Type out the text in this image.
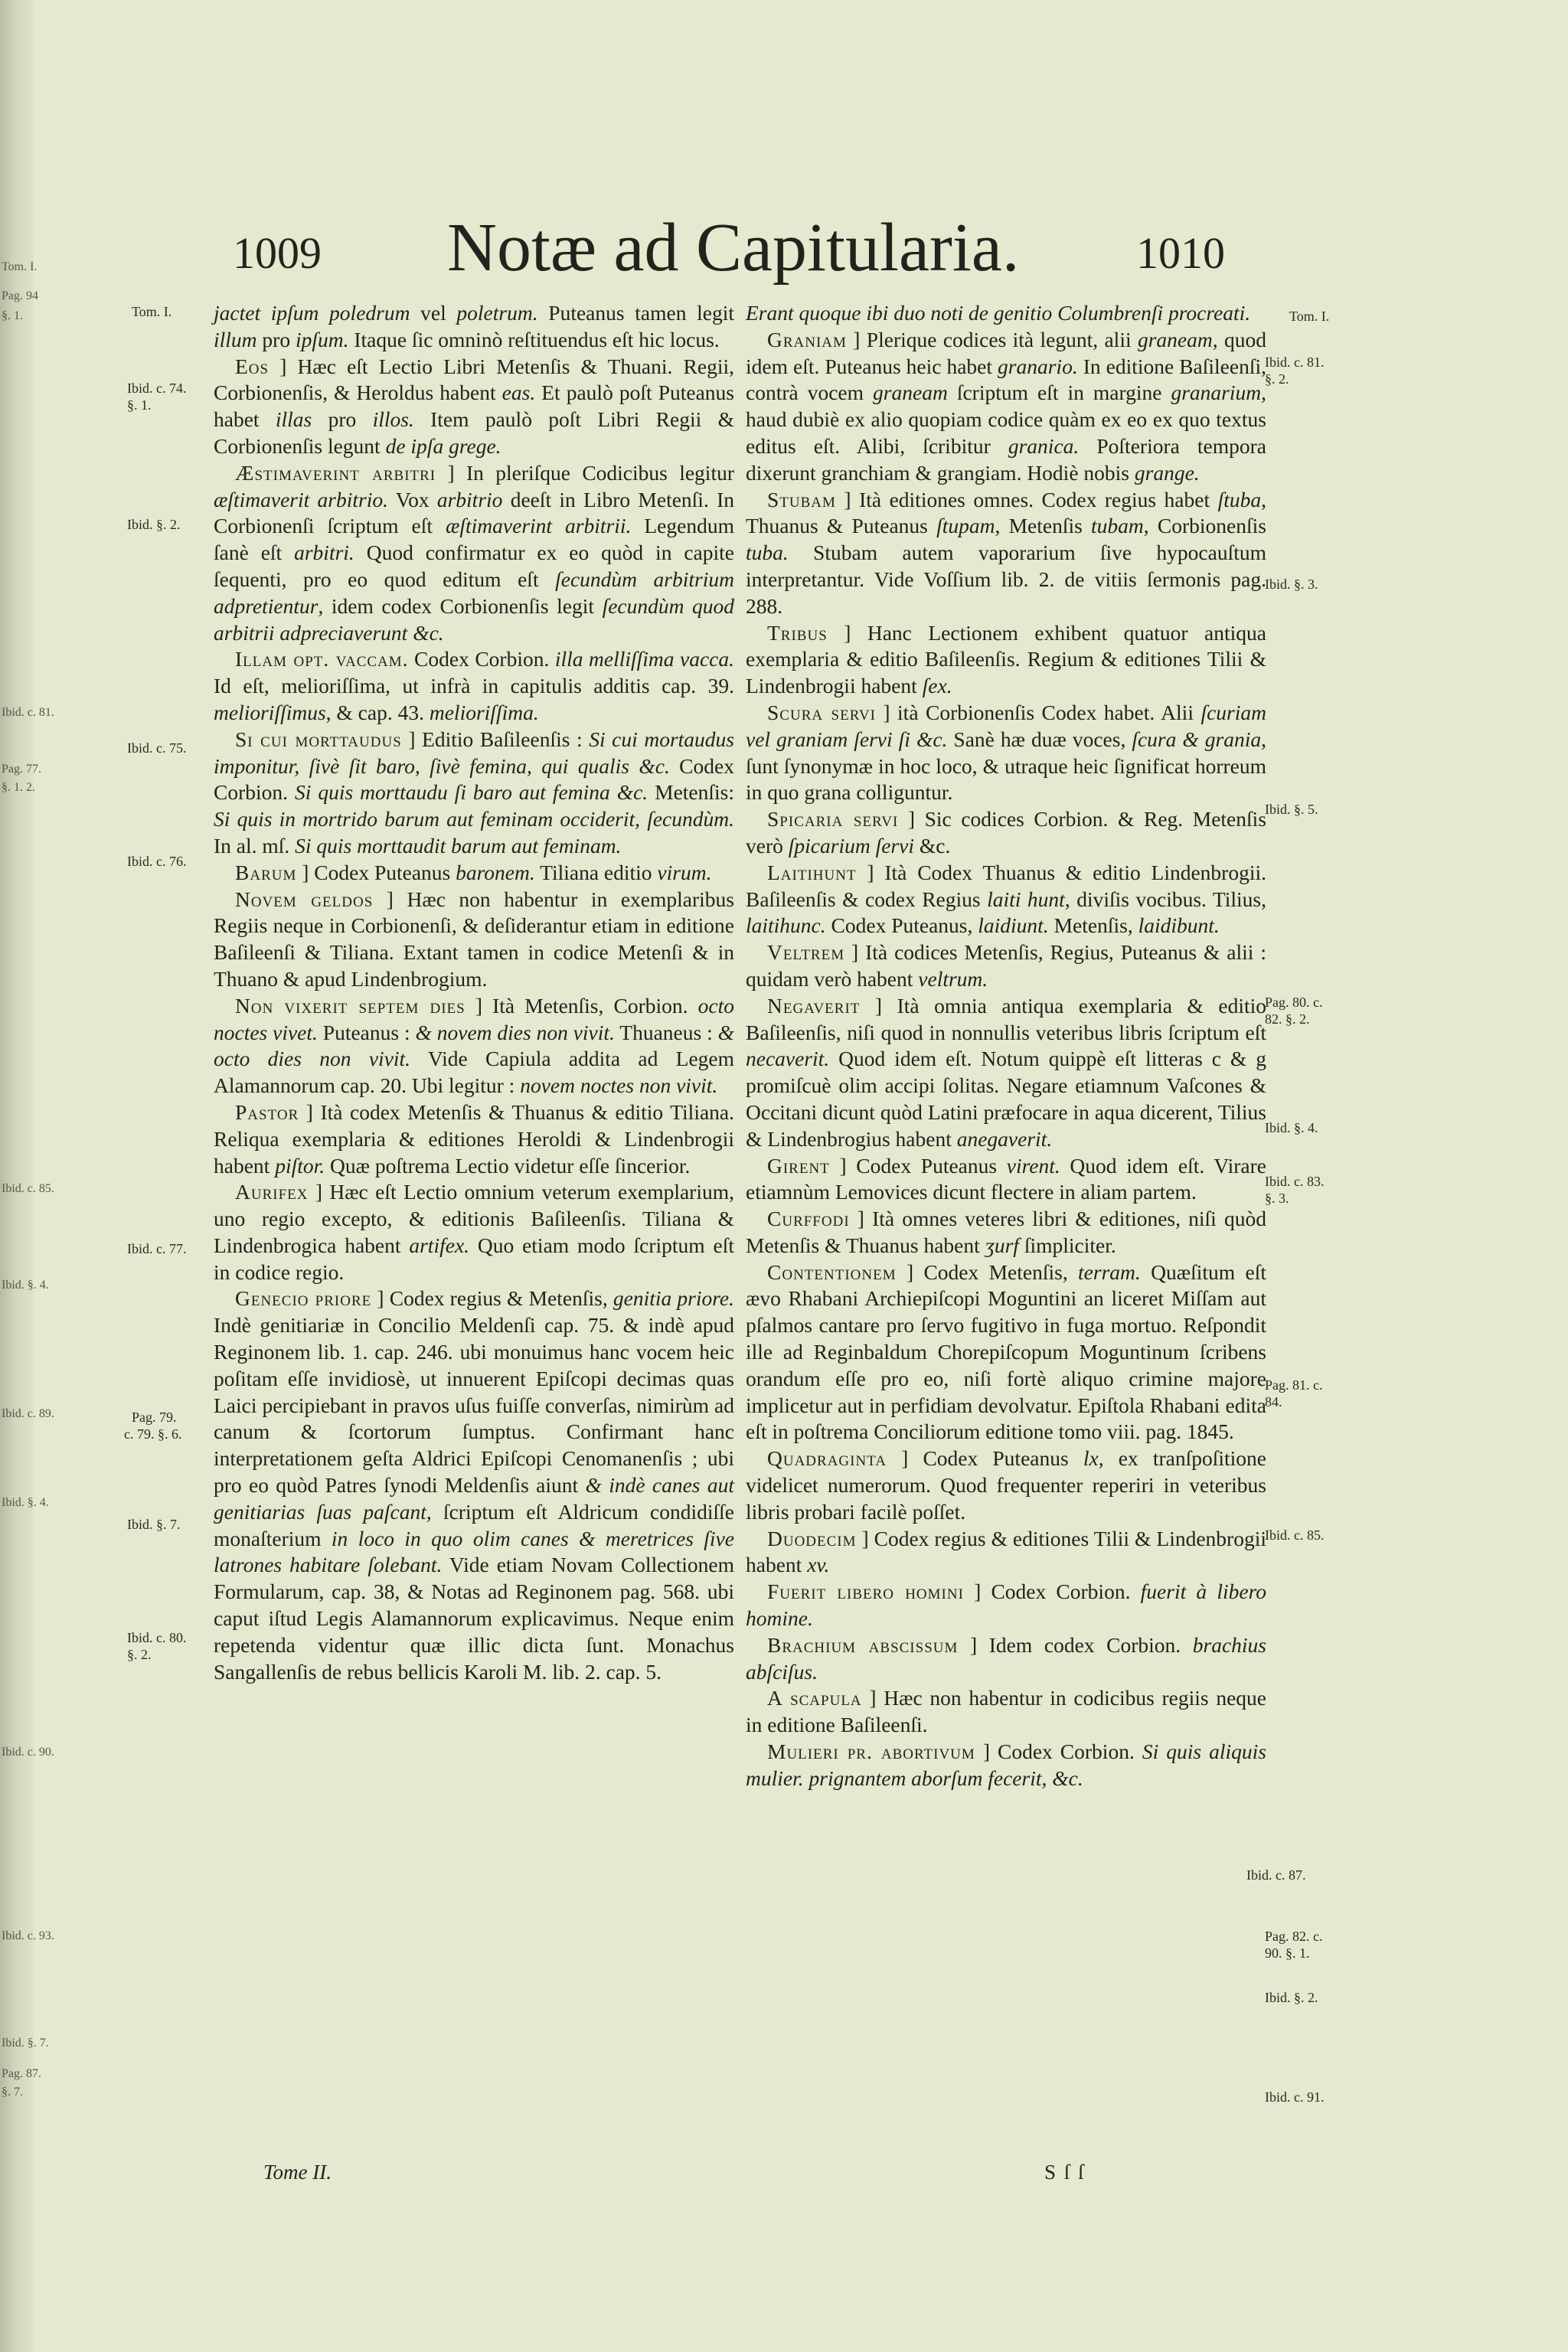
Tom. I.
Pag. 94
§. 1.
Ibid. c. 81.
Pag. 77.
§. 1. 2.
Ibid. c. 85.
Ibid. §. 4.
Ibid. c. 89.
Ibid. §. 4.
Ibid. c. 90.
Ibid. c. 93.
Ibid. §. 7.
Pag. 87.
§. 7.
1009 Notæ ad Capitularia.	1010
Tom. I.
Ibid. c. 74.
§. 1.
Ibid. §. 2.
Ibid. c. 75.
Ibid. c. 76.
Ibid. c. 77.
Pag. 79.
c. 79. §. 6.
Ibid. §. 7.
Ibid. c. 80.
§. 2.
Tom. I.
Ibid. c. 81.
§. 2.
Ibid. §. 3.
Ibid. §. 5.
Pag. 80. c.
82. §. 2.
Ibid. §. 4.
Ibid. c. 83.
§. 3.
Pag. 81. c.
84.
Ibid. c. 85.
Ibid. c. 87.
Pag. 82. c.
90. §. 1.
Ibid. §. 2.
Ibid. c. 91.

jactet ipſum poledrum vel poletrum. Puteanus tamen legit illum pro ipſum. Itaque ſic omninò reſtituendus eſt hic locus.

Eos ] Hæc eſt Lectio Libri Metenſis & Thuani. Regii, Corbionenſis, & Heroldus habent eas. Et paulò poſt Puteanus habet illas pro illos. Item paulò poſt Libri Regii & Corbionenſis legunt de ipſa grege.

Æstimaverint arbitri ] In pleriſque Codicibus legitur æſtimaverit arbitrio. Vox arbitrio deeſt in Libro Metenſi. In Corbionenſi ſcriptum eſt æſtimaverint arbitrii. Legendum ſanè eſt arbitri. Quod confirmatur ex eo quòd in capite ſequenti, pro eo quod editum eſt ſecundùm arbitrium adpretientur, idem codex Corbionenſis legit ſecundùm quod arbitrii adpreciaverunt &c.

Illam opt. vaccam. Codex Corbion. illa melliſſima vacca. Id eſt, melioriſſima, ut infrà in capitulis additis cap. 39. melioriſſimus, & cap. 43. melioriſſima.

Si cui morttaudus ] Editio Baſileenſis : Si cui mortaudus imponitur, ſivè ſit baro, ſivè femina, qui qualis &c. Codex Corbion. Si quis morttaudu ſi baro aut femina &c. Metenſis: Si quis in mortrido barum aut feminam occiderit, ſecundùm. In al. mſ. Si quis morttaudit barum aut feminam.

Barum ] Codex Puteanus baronem. Tiliana editio virum.

Novem geldos ] Hæc non habentur in exemplaribus Regiis neque in Corbionenſi, & deſiderantur etiam in editione Baſileenſi & Tiliana. Extant tamen in codice Metenſi & in Thuano & apud Lindenbrogium.

Non vixerit septem dies ] Ità Metenſis, Corbion. octo noctes vivet. Puteanus : & novem dies non vivit. Thuaneus : & octo dies non vivit. Vide Capiula addita ad Legem Alamannorum cap. 20. Ubi legitur : novem noctes non vivit.

Pastor ] Ità codex Metenſis & Thuanus & editio Tiliana. Reliqua exemplaria & editiones Heroldi & Lindenbrogii habent piſtor. Quæ poſtrema Lectio videtur eſſe ſincerior.

Aurifex ] Hæc eſt Lectio omnium veterum exemplarium, uno regio excepto, & editionis Baſileenſis. Tiliana & Lindenbrogica habent artifex. Quo etiam modo ſcriptum eſt in codice regio.

Genecio priore ] Codex regius & Metenſis, genitia priore. Indè genitiariæ in Concilio Meldenſi cap. 75. & indè apud Reginonem lib. 1. cap. 246. ubi monuimus hanc vocem heic poſitam eſſe invidiosè, ut innuerent Epiſcopi decimas quas Laici percipiebant in pravos uſus fuiſſe converſas, nimirùm ad canum & ſcortorum ſumptus. Confirmant hanc interpretationem geſta Aldrici Epiſcopi Cenomanenſis ; ubi pro eo quòd Patres ſynodi Meldenſis aiunt & indè canes aut genitiarias ſuas paſcant, ſcriptum eſt Aldricum condidiſſe monaſterium in loco in quo olim canes & meretrices ſive latrones habitare ſolebant. Vide etiam Novam Collectionem Formularum, cap. 38, & Notas ad Reginonem pag. 568. ubi caput iſtud Legis Alamannorum explicavimus. Neque enim repetenda videntur quæ illic dicta ſunt. Monachus Sangallenſis de rebus bellicis Karoli M. lib. 2. cap. 5.

Erant quoque ibi duo noti de genitio Columbrenſi procreati.

Graniam ] Plerique codices ità legunt, alii graneam, quod idem eſt. Puteanus heic habet granario. In editione Baſileenſi, contrà vocem graneam ſcriptum eſt in margine granarium, haud dubiè ex alio quopiam codice quàm ex eo ex quo textus editus eſt. Alibi, ſcribitur granica. Poſteriora tempora dixerunt granchiam & grangiam. Hodiè nobis grange.

Stubam ] Ità editiones omnes. Codex regius habet ſtuba, Thuanus & Puteanus ſtupam, Metenſis tubam, Corbionenſis tuba. Stubam autem vaporarium ſive hypocauſtum interpretantur. Vide Voſſium lib. 2. de vitiis ſermonis pag. 288.

Tribus ] Hanc Lectionem exhibent quatuor antiqua exemplaria & editio Baſileenſis. Regium & editiones Tilii & Lindenbrogii habent ſex.

Scura servi ] ità Corbionenſis Codex habet. Alii ſcuriam vel graniam ſervi ſi &c. Sanè hæ duæ voces, ſcura & grania, ſunt ſynonymæ in hoc loco, & utraque heic ſignificat horreum in quo grana colliguntur.

Spicaria servi ] Sic codices Corbion. & Reg. Metenſis verò ſpicarium ſervi &c.

Laitihunt ] Ità Codex Thuanus & editio Lindenbrogii. Baſileenſis & codex Regius laiti hunt, diviſis vocibus. Tilius, laitihunc. Codex Puteanus, laidiunt. Metenſis, laidibunt.

Veltrem ] Ità codices Metenſis, Regius, Puteanus & alii : quidam verò habent veltrum.

Negaverit ] Ità omnia antiqua exemplaria & editio Baſileenſis, niſi quod in nonnullis veteribus libris ſcriptum eſt necaverit. Quod idem eſt. Notum quippè eſt litteras c & g promiſcuè olim accipi ſolitas. Negare etiamnum Vaſcones & Occitani dicunt quòd Latini præfocare in aqua dicerent, Tilius & Lindenbrogius habent anegaverit.

Girent ] Codex Puteanus virent. Quod idem eſt. Virare etiamnùm Lemovices dicunt flectere in aliam partem.

Curffodi ] Ità omnes veteres libri & editiones, niſi quòd Metenſis & Thuanus habent ʒurf ſimpliciter.

Contentionem ] Codex Metenſis, terram. Quæſitum eſt ævo Rhabani Archiepiſcopi Moguntini an liceret Miſſam aut pſalmos cantare pro ſervo fugitivo in fuga mortuo. Reſpondit ille ad Reginbaldum Chorepiſcopum Moguntinum ſcribens orandum eſſe pro eo, niſi fortè aliquo crimine majore implicetur aut in perfidiam devolvatur. Epiſtola Rhabani edita eſt in poſtrema Conciliorum editione tomo viii. pag. 1845.

Quadraginta ] Codex Puteanus lx, ex tranſpoſitione videlicet numerorum. Quod frequenter reperiri in veteribus libris probari facilè poſſet.

Duodecim ] Codex regius & editiones Tilii & Lindenbrogii habent xv.

Fuerit libero homini ] Codex Corbion. fuerit à libero homine.

Brachium abscissum ] Idem codex Corbion. brachius abſciſus.

A scapula ] Hæc non habentur in codicibus regiis neque in editione Baſileenſi.

Mulieri pr. abortivum ] Codex Corbion. Si quis aliquis mulier. prignantem aborſum fecerit, &c.

Tome II.	S ſ ſ
